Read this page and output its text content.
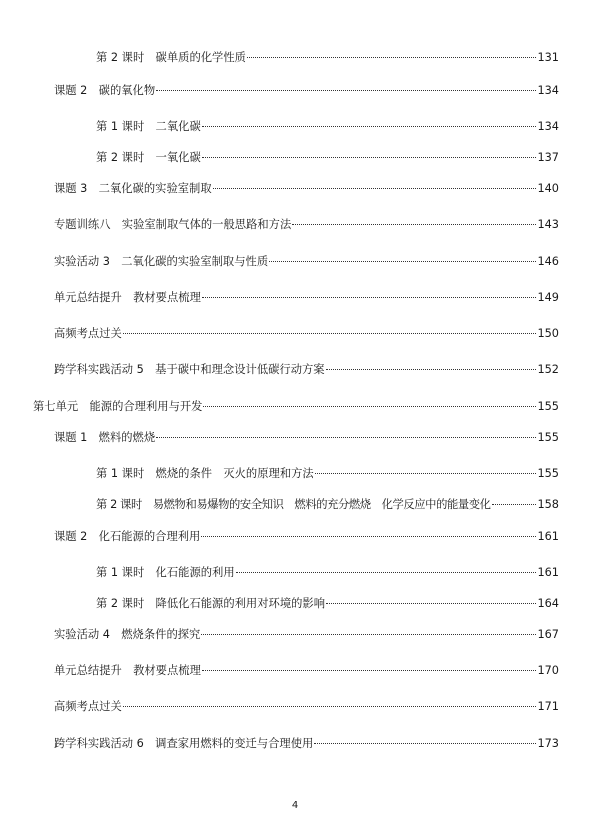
第 2 课时　碳单质的化学性质	131
课题 2　碳的氧化物	134
第 1 课时　二氧化碳	134
第 2 课时　一氧化碳	137
课题 3　二氧化碳的实验室制取	140
专题训练八　实验室制取气体的一般思路和方法	143
实验活动 3　二氧化碳的实验室制取与性质	146
单元总结提升　教材要点梳理	149
高频考点过关	150
跨学科实践活动 5　基于碳中和理念设计低碳行动方案	152
第七单元　能源的合理利用与开发	155
课题 1　燃料的燃烧	155
第 1 课时　燃烧的条件　灭火的原理和方法	155
第 2 课时　易燃物和易爆物的安全知识　燃料的充分燃烧　化学反应中的能量变化	158
课题 2　化石能源的合理利用	161
第 1 课时　化石能源的利用	161
第 2 课时　降低化石能源的利用对环境的影响	164
实验活动 4　燃烧条件的探究	167
单元总结提升　教材要点梳理	170
高频考点过关	171
跨学科实践活动 6　调查家用燃料的变迁与合理使用	173
4
